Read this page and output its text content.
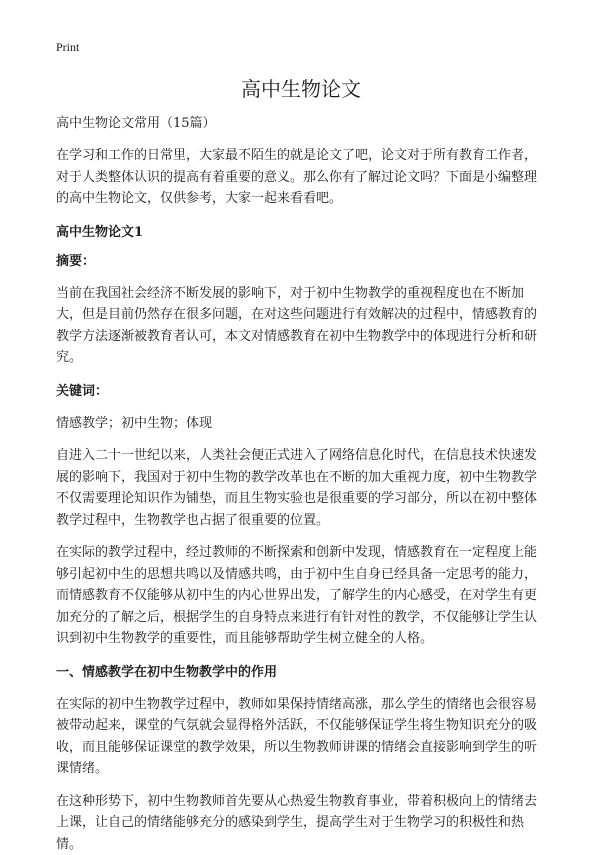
Print
高中生物论文

高中生物论文常用（15篇）

在学习和工作的日常里，大家最不陌生的就是论文了吧，论文对于所有教育工作者，对于人类整体认识的提高有着重要的意义。那么你有了解过论文吗？下面是小编整理的高中生物论文，仅供参考，大家一起来看看吧。

高中生物论文1

摘要：

当前在我国社会经济不断发展的影响下，对于初中生物教学的重视程度也在不断加大，但是目前仍然存在很多问题，在对这些问题进行有效解决的过程中，情感教育的教学方法逐渐被教育者认可，本文对情感教育在初中生物教学中的体现进行分析和研究。

关键词：

情感教学；初中生物；体现

自进入二十一世纪以来，人类社会便正式进入了网络信息化时代，在信息技术快速发展的影响下，我国对于初中生物的教学改革也在不断的加大重视力度，初中生物教学不仅需要理论知识作为铺垫，而且生物实验也是很重要的学习部分，所以在初中整体教学过程中，生物教学也占据了很重要的位置。

在实际的教学过程中，经过教师的不断探索和创新中发现，情感教育在一定程度上能够引起初中生的思想共鸣以及情感共鸣，由于初中生自身已经具备一定思考的能力，而情感教育不仅能够从初中生的内心世界出发，了解学生的内心感受，在对学生有更加充分的了解之后，根据学生的自身特点来进行有针对性的教学，不仅能够让学生认识到初中生物教学的重要性，而且能够帮助学生树立健全的人格。

一、情感教学在初中生物教学中的作用

在实际的初中生物教学过程中，教师如果保持情绪高涨，那么学生的情绪也会很容易被带动起来，课堂的气氛就会显得格外活跃，不仅能够保证学生将生物知识充分的吸收，而且能够保证课堂的教学效果，所以生物教师讲课的情绪会直接影响到学生的听课情绪。

在这种形势下，初中生物教师首先要从心热爱生物教育事业，带着积极向上的情绪去上课，让自己的情绪能够充分的感染到学生，提高学生对于生物学习的积极性和热情。
